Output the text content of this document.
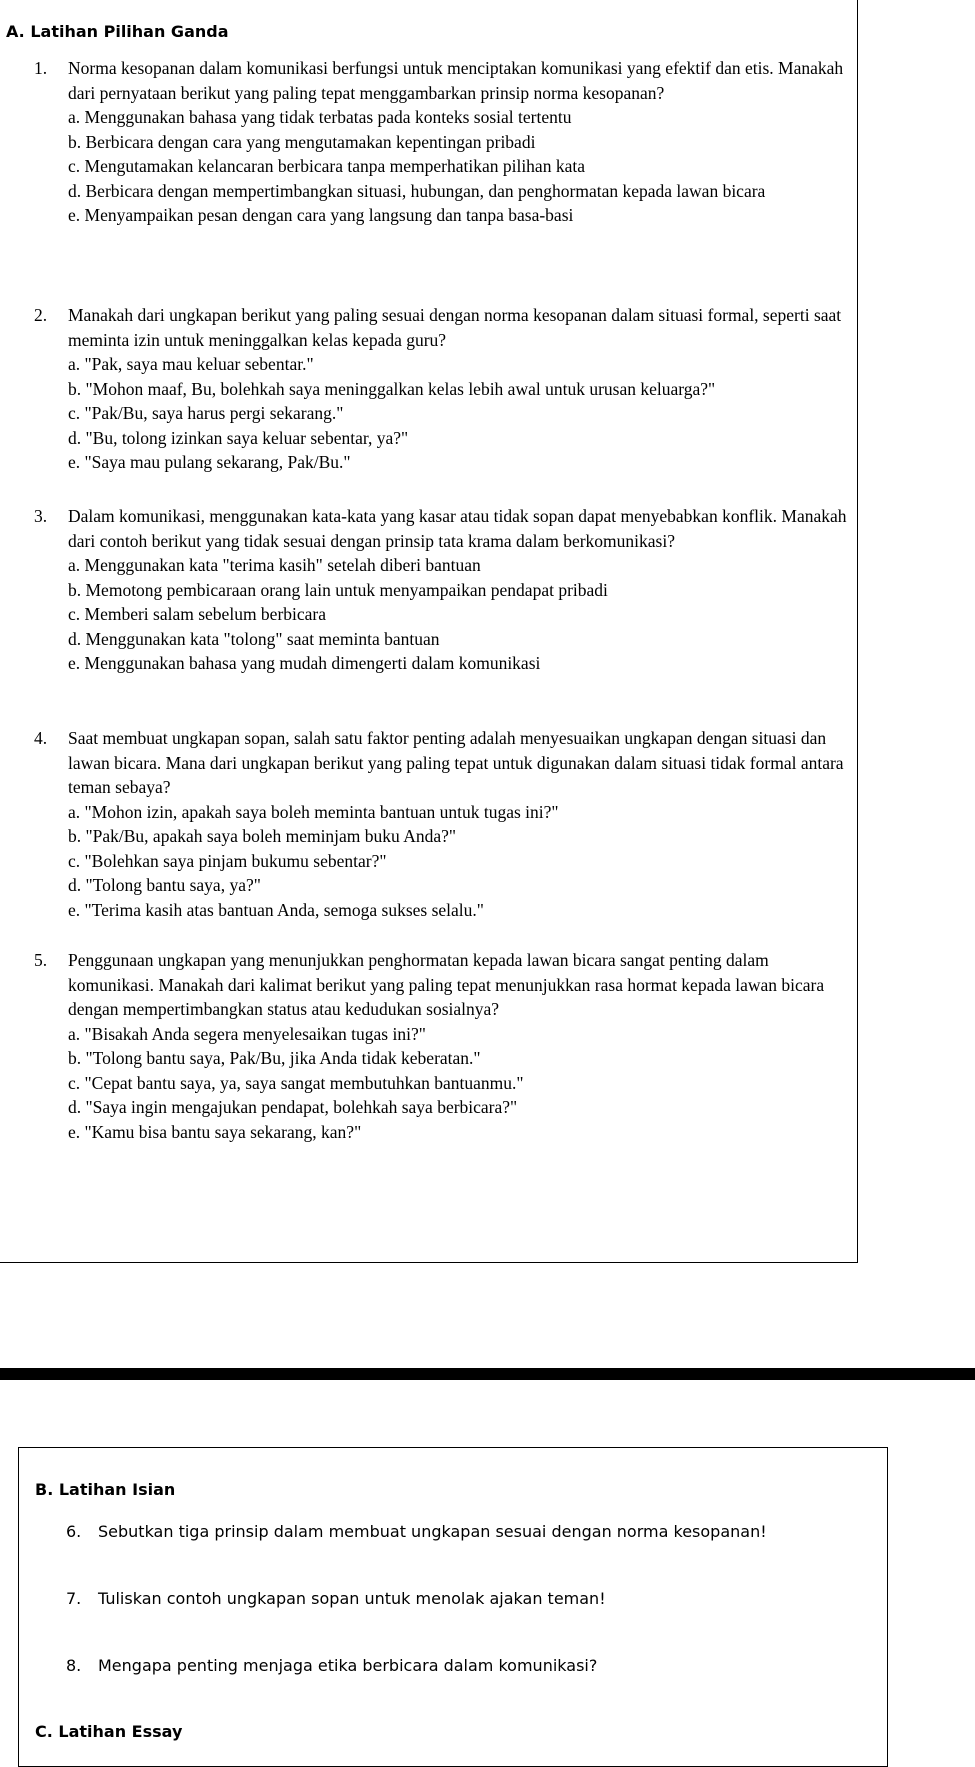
A. Latihan Pilihan Ganda
1.	Norma kesopanan dalam komunikasi berfungsi untuk menciptakan komunikasi yang efektif dan etis. Manakah dari pernyataan berikut yang paling tepat menggambarkan prinsip norma kesopanan?
a. Menggunakan bahasa yang tidak terbatas pada konteks sosial tertentu
b. Berbicara dengan cara yang mengutamakan kepentingan pribadi
c. Mengutamakan kelancaran berbicara tanpa memperhatikan pilihan kata
d. Berbicara dengan mempertimbangkan situasi, hubungan, dan penghormatan kepada lawan bicara
e. Menyampaikan pesan dengan cara yang langsung dan tanpa basa-basi
2.	Manakah dari ungkapan berikut yang paling sesuai dengan norma kesopanan dalam situasi formal, seperti saat meminta izin untuk meninggalkan kelas kepada guru?
a. "Pak, saya mau keluar sebentar."
b. "Mohon maaf, Bu, bolehkah saya meninggalkan kelas lebih awal untuk urusan keluarga?"
c. "Pak/Bu, saya harus pergi sekarang."
d. "Bu, tolong izinkan saya keluar sebentar, ya?"
e. "Saya mau pulang sekarang, Pak/Bu."
3.	Dalam komunikasi, menggunakan kata-kata yang kasar atau tidak sopan dapat menyebabkan konflik. Manakah dari contoh berikut yang tidak sesuai dengan prinsip tata krama dalam berkomunikasi?
a. Menggunakan kata "terima kasih" setelah diberi bantuan
b. Memotong pembicaraan orang lain untuk menyampaikan pendapat pribadi
c. Memberi salam sebelum berbicara
d. Menggunakan kata "tolong" saat meminta bantuan
e. Menggunakan bahasa yang mudah dimengerti dalam komunikasi
4.	Saat membuat ungkapan sopan, salah satu faktor penting adalah menyesuaikan ungkapan dengan situasi dan lawan bicara. Mana dari ungkapan berikut yang paling tepat untuk digunakan dalam situasi tidak formal antara teman sebaya?
a. "Mohon izin, apakah saya boleh meminta bantuan untuk tugas ini?"
b. "Pak/Bu, apakah saya boleh meminjam buku Anda?"
c. "Bolehkan saya pinjam bukumu sebentar?"
d. "Tolong bantu saya, ya?"
e. "Terima kasih atas bantuan Anda, semoga sukses selalu."
5.	Penggunaan ungkapan yang menunjukkan penghormatan kepada lawan bicara sangat penting dalam komunikasi. Manakah dari kalimat berikut yang paling tepat menunjukkan rasa hormat kepada lawan bicara dengan mempertimbangkan status atau kedudukan sosialnya?
a. "Bisakah Anda segera menyelesaikan tugas ini?"
b. "Tolong bantu saya, Pak/Bu, jika Anda tidak keberatan."
c. "Cepat bantu saya, ya, saya sangat membutuhkan bantuanmu."
d. "Saya ingin mengajukan pendapat, bolehkah saya berbicara?"
e. "Kamu bisa bantu saya sekarang, kan?"
B. Latihan Isian
6. Sebutkan tiga prinsip dalam membuat ungkapan sesuai dengan norma kesopanan!
7. Tuliskan contoh ungkapan sopan untuk menolak ajakan teman!
8. Mengapa penting menjaga etika berbicara dalam komunikasi?
C. Latihan Essay
